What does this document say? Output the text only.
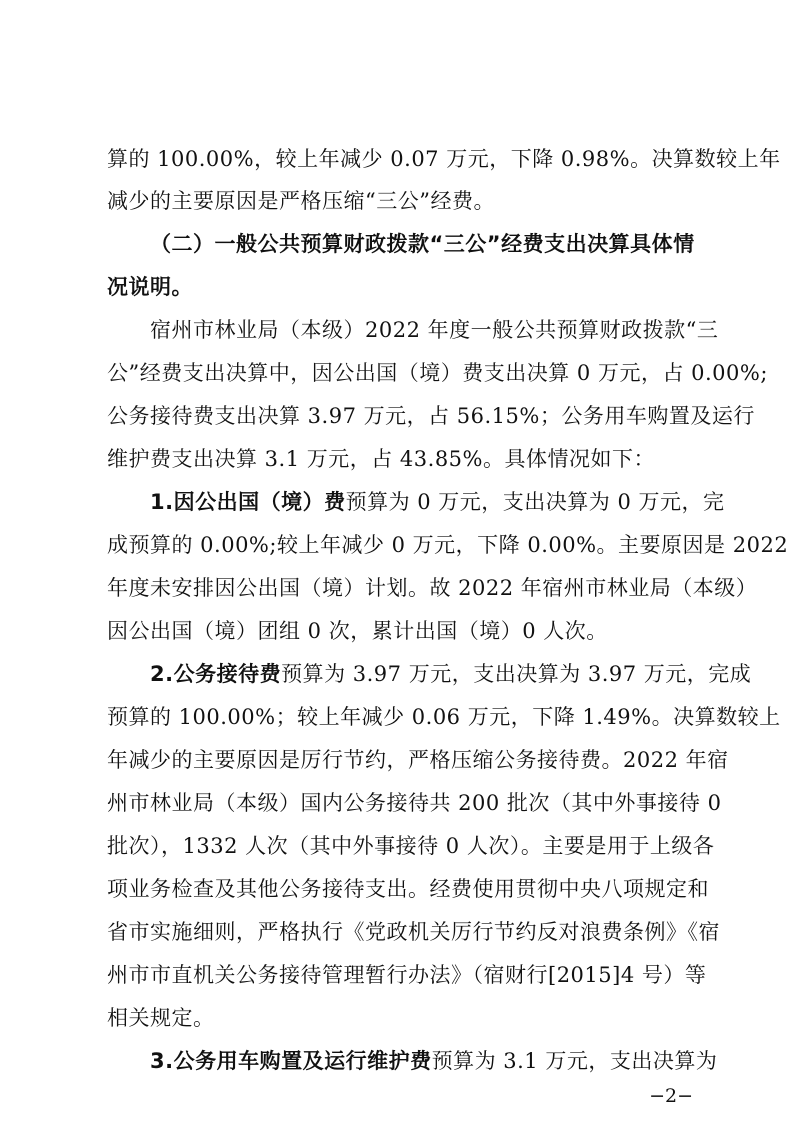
算的 100.00%，较上年减少 0.07 万元，下降 0.98%。决算数较上年
减少的主要原因是严格压缩“三公”经费。
（二）一般公共预算财政拨款“三公”经费支出决算具体情
况说明。
宿州市林业局（本级）2022 年度一般公共预算财政拨款“三
公”经费支出决算中，因公出国（境）费支出决算 0 万元，占 0.00%;
公务接待费支出决算 3.97 万元，占 56.15%；公务用车购置及运行
维护费支出决算 3.1 万元，占 43.85%。具体情况如下：
1.因公出国（境）费预算为 0 万元，支出决算为 0 万元，完
成预算的 0.00%;较上年减少 0 万元，下降 0.00%。主要原因是 2022
年度未安排因公出国（境）计划。故 2022 年宿州市林业局（本级）
因公出国（境）团组 0 次，累计出国（境）0 人次。
2.公务接待费预算为 3.97 万元，支出决算为 3.97 万元，完成
预算的 100.00%；较上年减少 0.06 万元，下降 1.49%。决算数较上
年减少的主要原因是厉行节约，严格压缩公务接待费。2022 年宿
州市林业局（本级）国内公务接待共 200 批次（其中外事接待 0
批次），1332 人次（其中外事接待 0 人次）。主要是用于上级各
项业务检查及其他公务接待支出。经费使用贯彻中央八项规定和
省市实施细则，严格执行《党政机关厉行节约反对浪费条例》《宿
州市市直机关公务接待管理暂行办法》（宿财行[2015]4 号）等
相关规定。
3.公务用车购置及运行维护费预算为 3.1 万元，支出决算为
−2−
